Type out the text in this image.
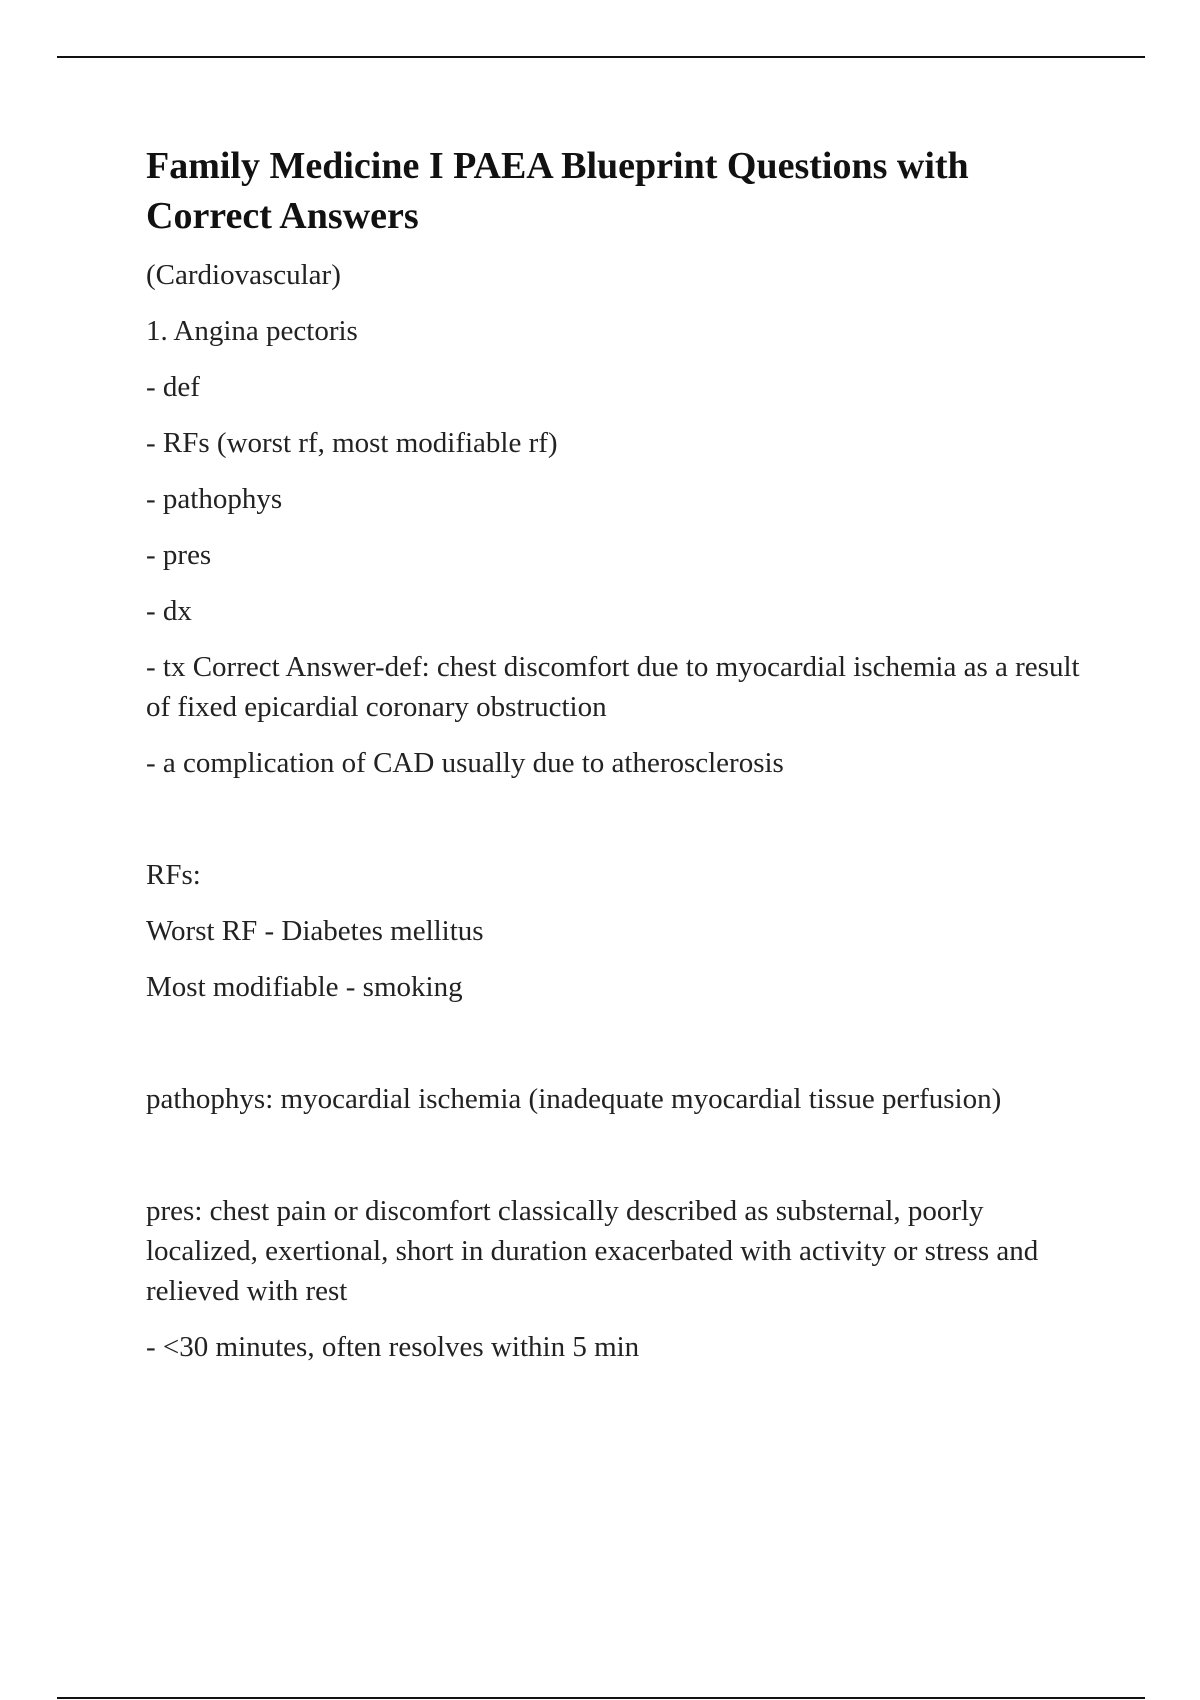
Family Medicine I PAEA Blueprint Questions with Correct Answers

(Cardiovascular)

1. Angina pectoris

- def

- RFs (worst rf, most modifiable rf)

- pathophys

- pres

- dx

- tx Correct Answer-def: chest discomfort due to myocardial ischemia as a result of fixed epicardial coronary obstruction

- a complication of CAD usually due to atherosclerosis

RFs:

Worst RF - Diabetes mellitus

Most modifiable - smoking

pathophys: myocardial ischemia (inadequate myocardial tissue perfusion)

pres: chest pain or discomfort classically described as substernal, poorly localized, exertional, short in duration exacerbated with activity or stress and relieved with rest

- <30 minutes, often resolves within 5 min
